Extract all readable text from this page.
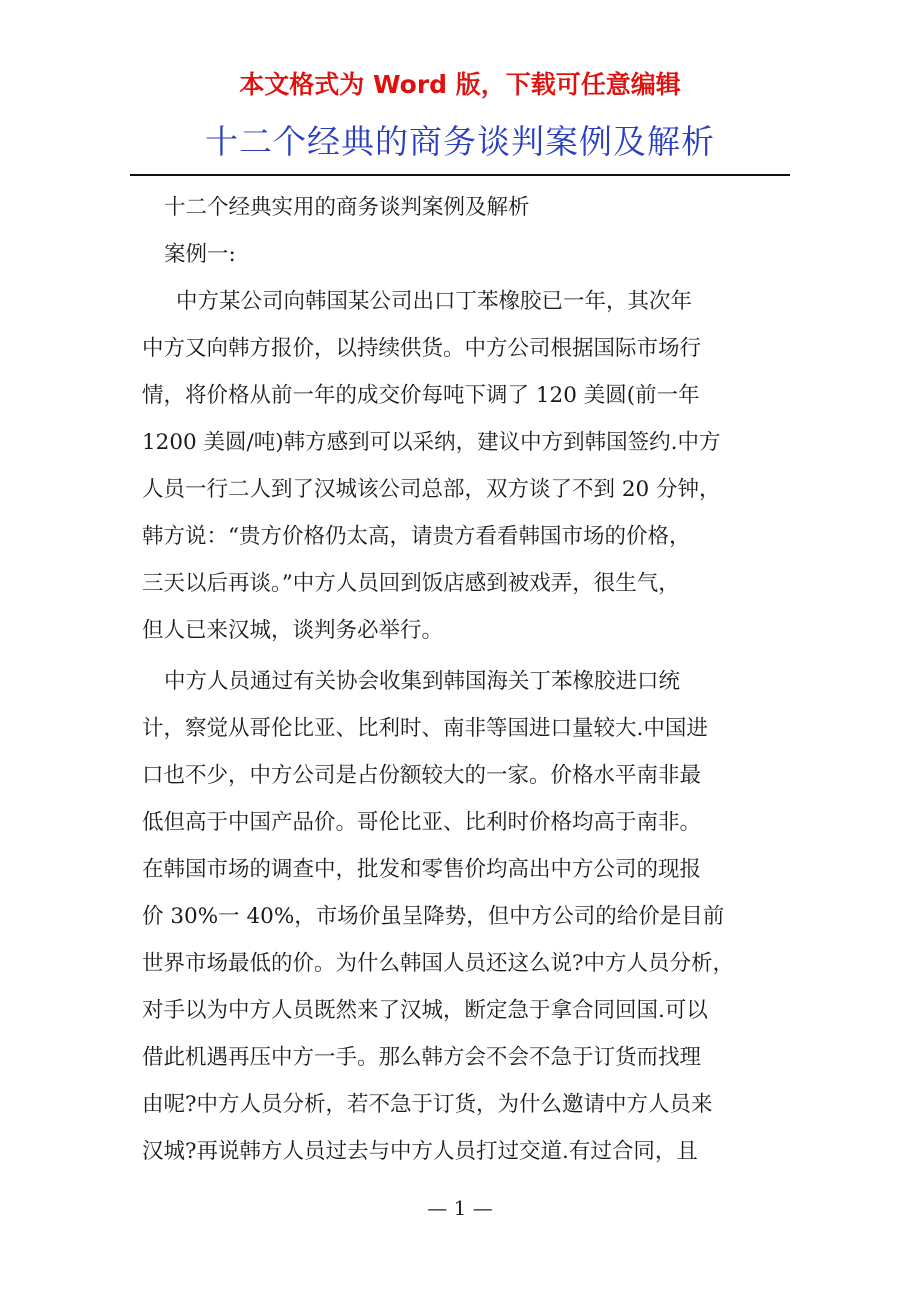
本文格式为 Word 版，下载可任意编辑
十二个经典的商务谈判案例及解析
十二个经典实用的商务谈判案例及解析
案例一:
中方某公司向韩国某公司出口丁苯橡胶已一年，其次年
中方又向韩方报价，以持续供货。中方公司根据国际市场行
情，将价格从前一年的成交价每吨下调了 120 美圆(前一年
1200 美圆/吨)韩方感到可以采纳，建议中方到韩国签约.中方
人员一行二人到了汉城该公司总部，双方谈了不到 20 分钟，
韩方说：“贵方价格仍太高，请贵方看看韩国市场的价格，
三天以后再谈。”中方人员回到饭店感到被戏弄，很生气，
但人已来汉城，谈判务必举行。
中方人员通过有关协会收集到韩国海关丁苯橡胶进口统
计，察觉从哥伦比亚、比利时、南非等国进口量较大.中国进
口也不少，中方公司是占份额较大的一家。价格水平南非最
低但高于中国产品价。哥伦比亚、比利时价格均高于南非。
在韩国市场的调查中，批发和零售价均高出中方公司的现报
价 30%一 40%，市场价虽呈降势，但中方公司的给价是目前
世界市场最低的价。为什么韩国人员还这么说?中方人员分析，
对手以为中方人员既然来了汉城，断定急于拿合同回国.可以
借此机遇再压中方一手。那么韩方会不会不急于订货而找理
由呢?中方人员分析，若不急于订货，为什么邀请中方人员来
汉城?再说韩方人员过去与中方人员打过交道.有过合同，且
— 1 —
